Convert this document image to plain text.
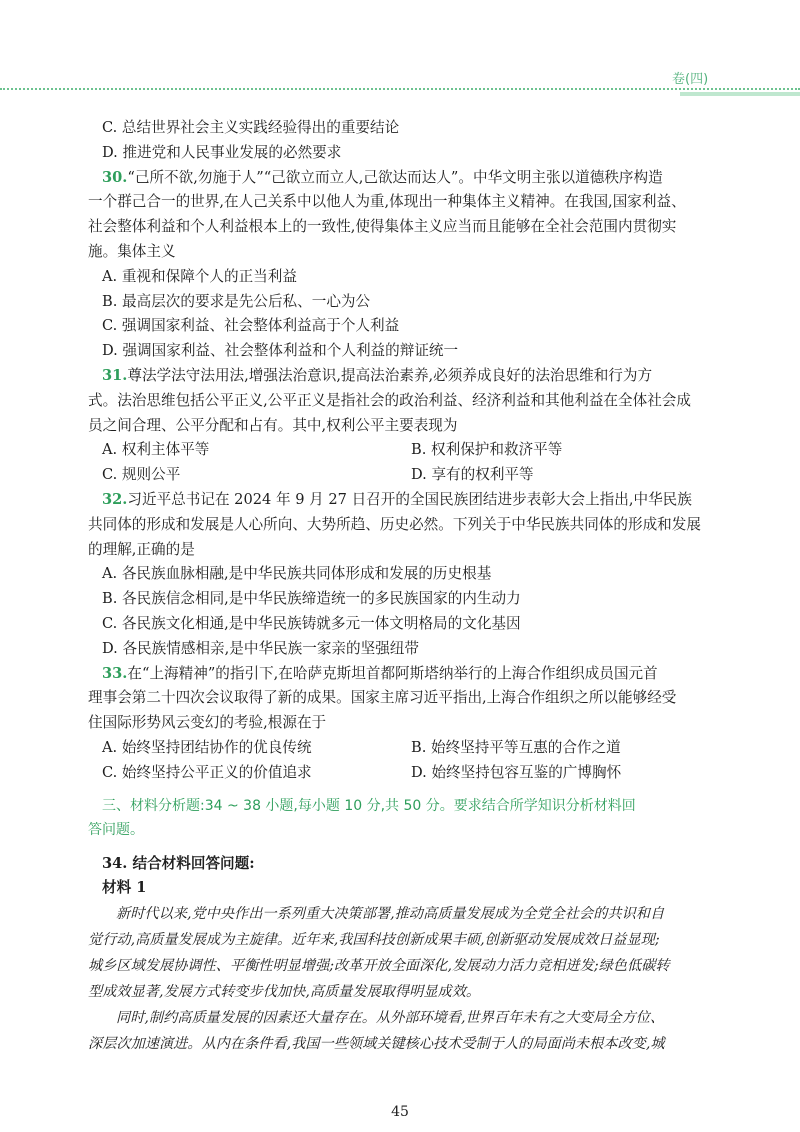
卷(四)
C. 总结世界社会主义实践经验得出的重要结论
D. 推进党和人民事业发展的必然要求
30.“己所不欲,勿施于人”“己欲立而立人,己欲达而达人”。中华文明主张以道德秩序构造
一个群己合一的世界,在人己关系中以他人为重,体现出一种集体主义精神。在我国,国家利益、
社会整体利益和个人利益根本上的一致性,使得集体主义应当而且能够在全社会范围内贯彻实
施。集体主义
A. 重视和保障个人的正当利益
B. 最高层次的要求是先公后私、一心为公
C. 强调国家利益、社会整体利益高于个人利益
D. 强调国家利益、社会整体利益和个人利益的辩证统一
31.尊法学法守法用法,增强法治意识,提高法治素养,必须养成良好的法治思维和行为方
式。法治思维包括公平正义,公平正义是指社会的政治利益、经济利益和其他利益在全体社会成
员之间合理、公平分配和占有。其中,权利公平主要表现为
A. 权利主体平等	B. 权利保护和救济平等
C. 规则公平	D. 享有的权利平等
32.习近平总书记在 2024 年 9 月 27 日召开的全国民族团结进步表彰大会上指出,中华民族
共同体的形成和发展是人心所向、大势所趋、历史必然。下列关于中华民族共同体的形成和发展
的理解,正确的是
A. 各民族血脉相融,是中华民族共同体形成和发展的历史根基
B. 各民族信念相同,是中华民族缔造统一的多民族国家的内生动力
C. 各民族文化相通,是中华民族铸就多元一体文明格局的文化基因
D. 各民族情感相亲,是中华民族一家亲的坚强纽带
33.在“上海精神”的指引下,在哈萨克斯坦首都阿斯塔纳举行的上海合作组织成员国元首
理事会第二十四次会议取得了新的成果。国家主席习近平指出,上海合作组织之所以能够经受
住国际形势风云变幻的考验,根源在于
A. 始终坚持团结协作的优良传统	B. 始终坚持平等互惠的合作之道
C. 始终坚持公平正义的价值追求	D. 始终坚持包容互鉴的广博胸怀
三、材料分析题:34 ~ 38 小题,每小题 10 分,共 50 分。要求结合所学知识分析材料回
答问题。
34. 结合材料回答问题:
材料 1
新时代以来,党中央作出一系列重大决策部署,推动高质量发展成为全党全社会的共识和自
觉行动,高质量发展成为主旋律。近年来,我国科技创新成果丰硕,创新驱动发展成效日益显现;
城乡区域发展协调性、平衡性明显增强;改革开放全面深化,发展动力活力竞相迸发;绿色低碳转
型成效显著,发展方式转变步伐加快,高质量发展取得明显成效。
同时,制约高质量发展的因素还大量存在。从外部环境看,世界百年未有之大变局全方位、
深层次加速演进。从内在条件看,我国一些领域关键核心技术受制于人的局面尚未根本改变,城
45
